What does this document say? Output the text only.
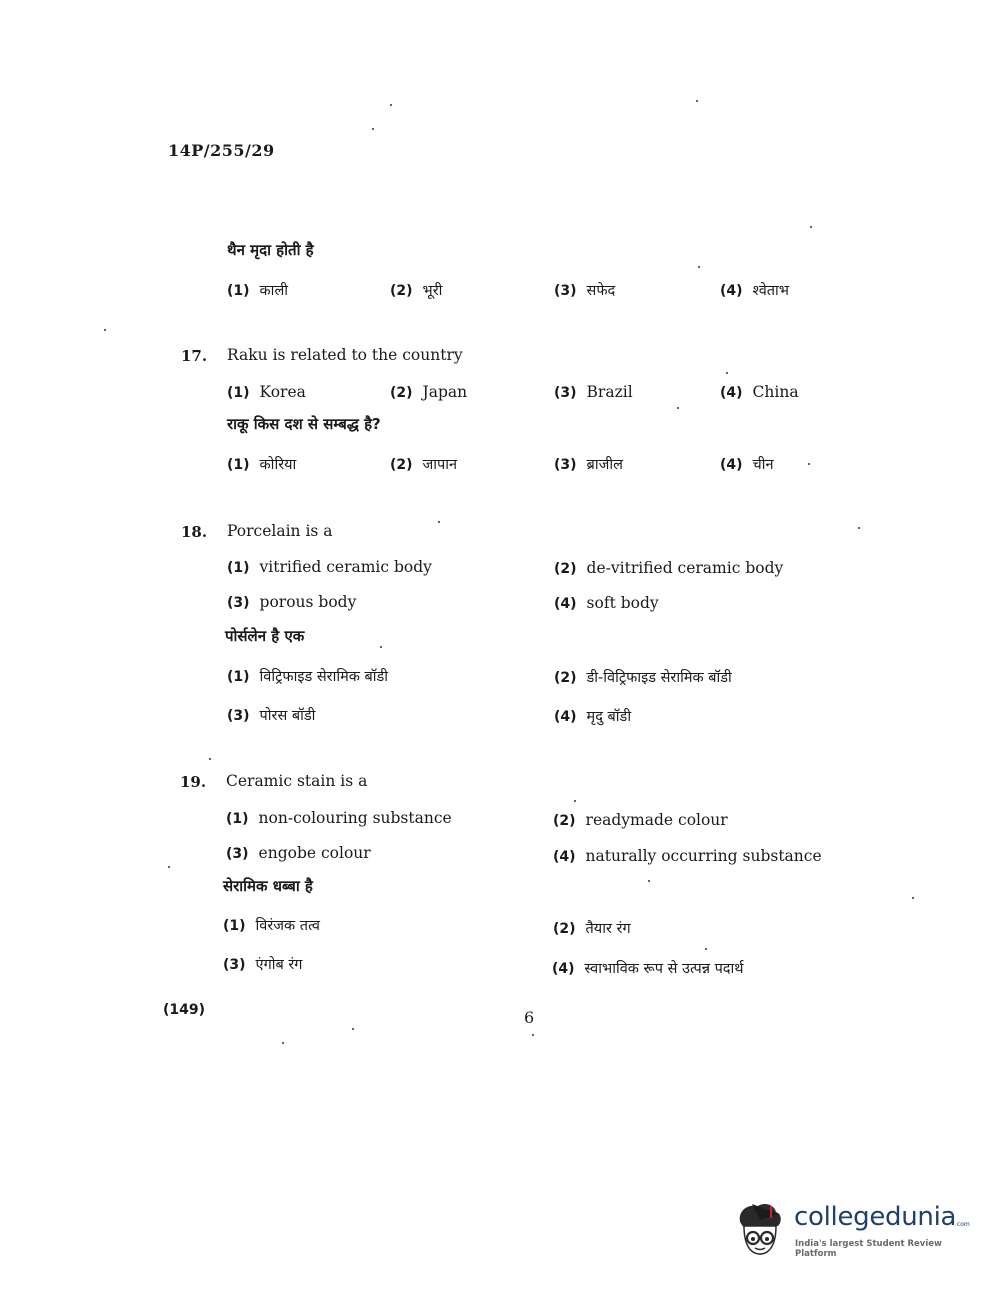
14P/255/29
थैन मृदा होती है
(1) काली	(2) भूरी	(3) सफेद	(4) श्वेताभ
17. Raku is related to the country
(1) Korea	(2) Japan	(3) Brazil	(4) China
राकू किस दश से सम्बद्ध है?
(1) कोरिया	(2) जापान	(3) ब्राजील	(4) चीन
18. Porcelain is a
(1) vitrified ceramic body	(2) de-vitrified ceramic body
(3) porous body	(4) soft body
पोर्सलेन है एक
(1) विट्रिफाइड सेरामिक बॉडी	(2) डी-विट्रिफाइड सेरामिक बॉडी
(3) पोरस बॉडी	(4) मृदु बॉडी
19. Ceramic stain is a
(1) non-colouring substance	(2) readymade colour
(3) engobe colour	(4) naturally occurring substance
सेरामिक धब्बा है
(1) विरंजक तत्व	(2) तैयार रंग
(3) एंगोब रंग	(4) स्वाभाविक रूप से उत्पन्न पदार्थ
(149)	6
collegedunia
.com
India's largest Student Review Platform
